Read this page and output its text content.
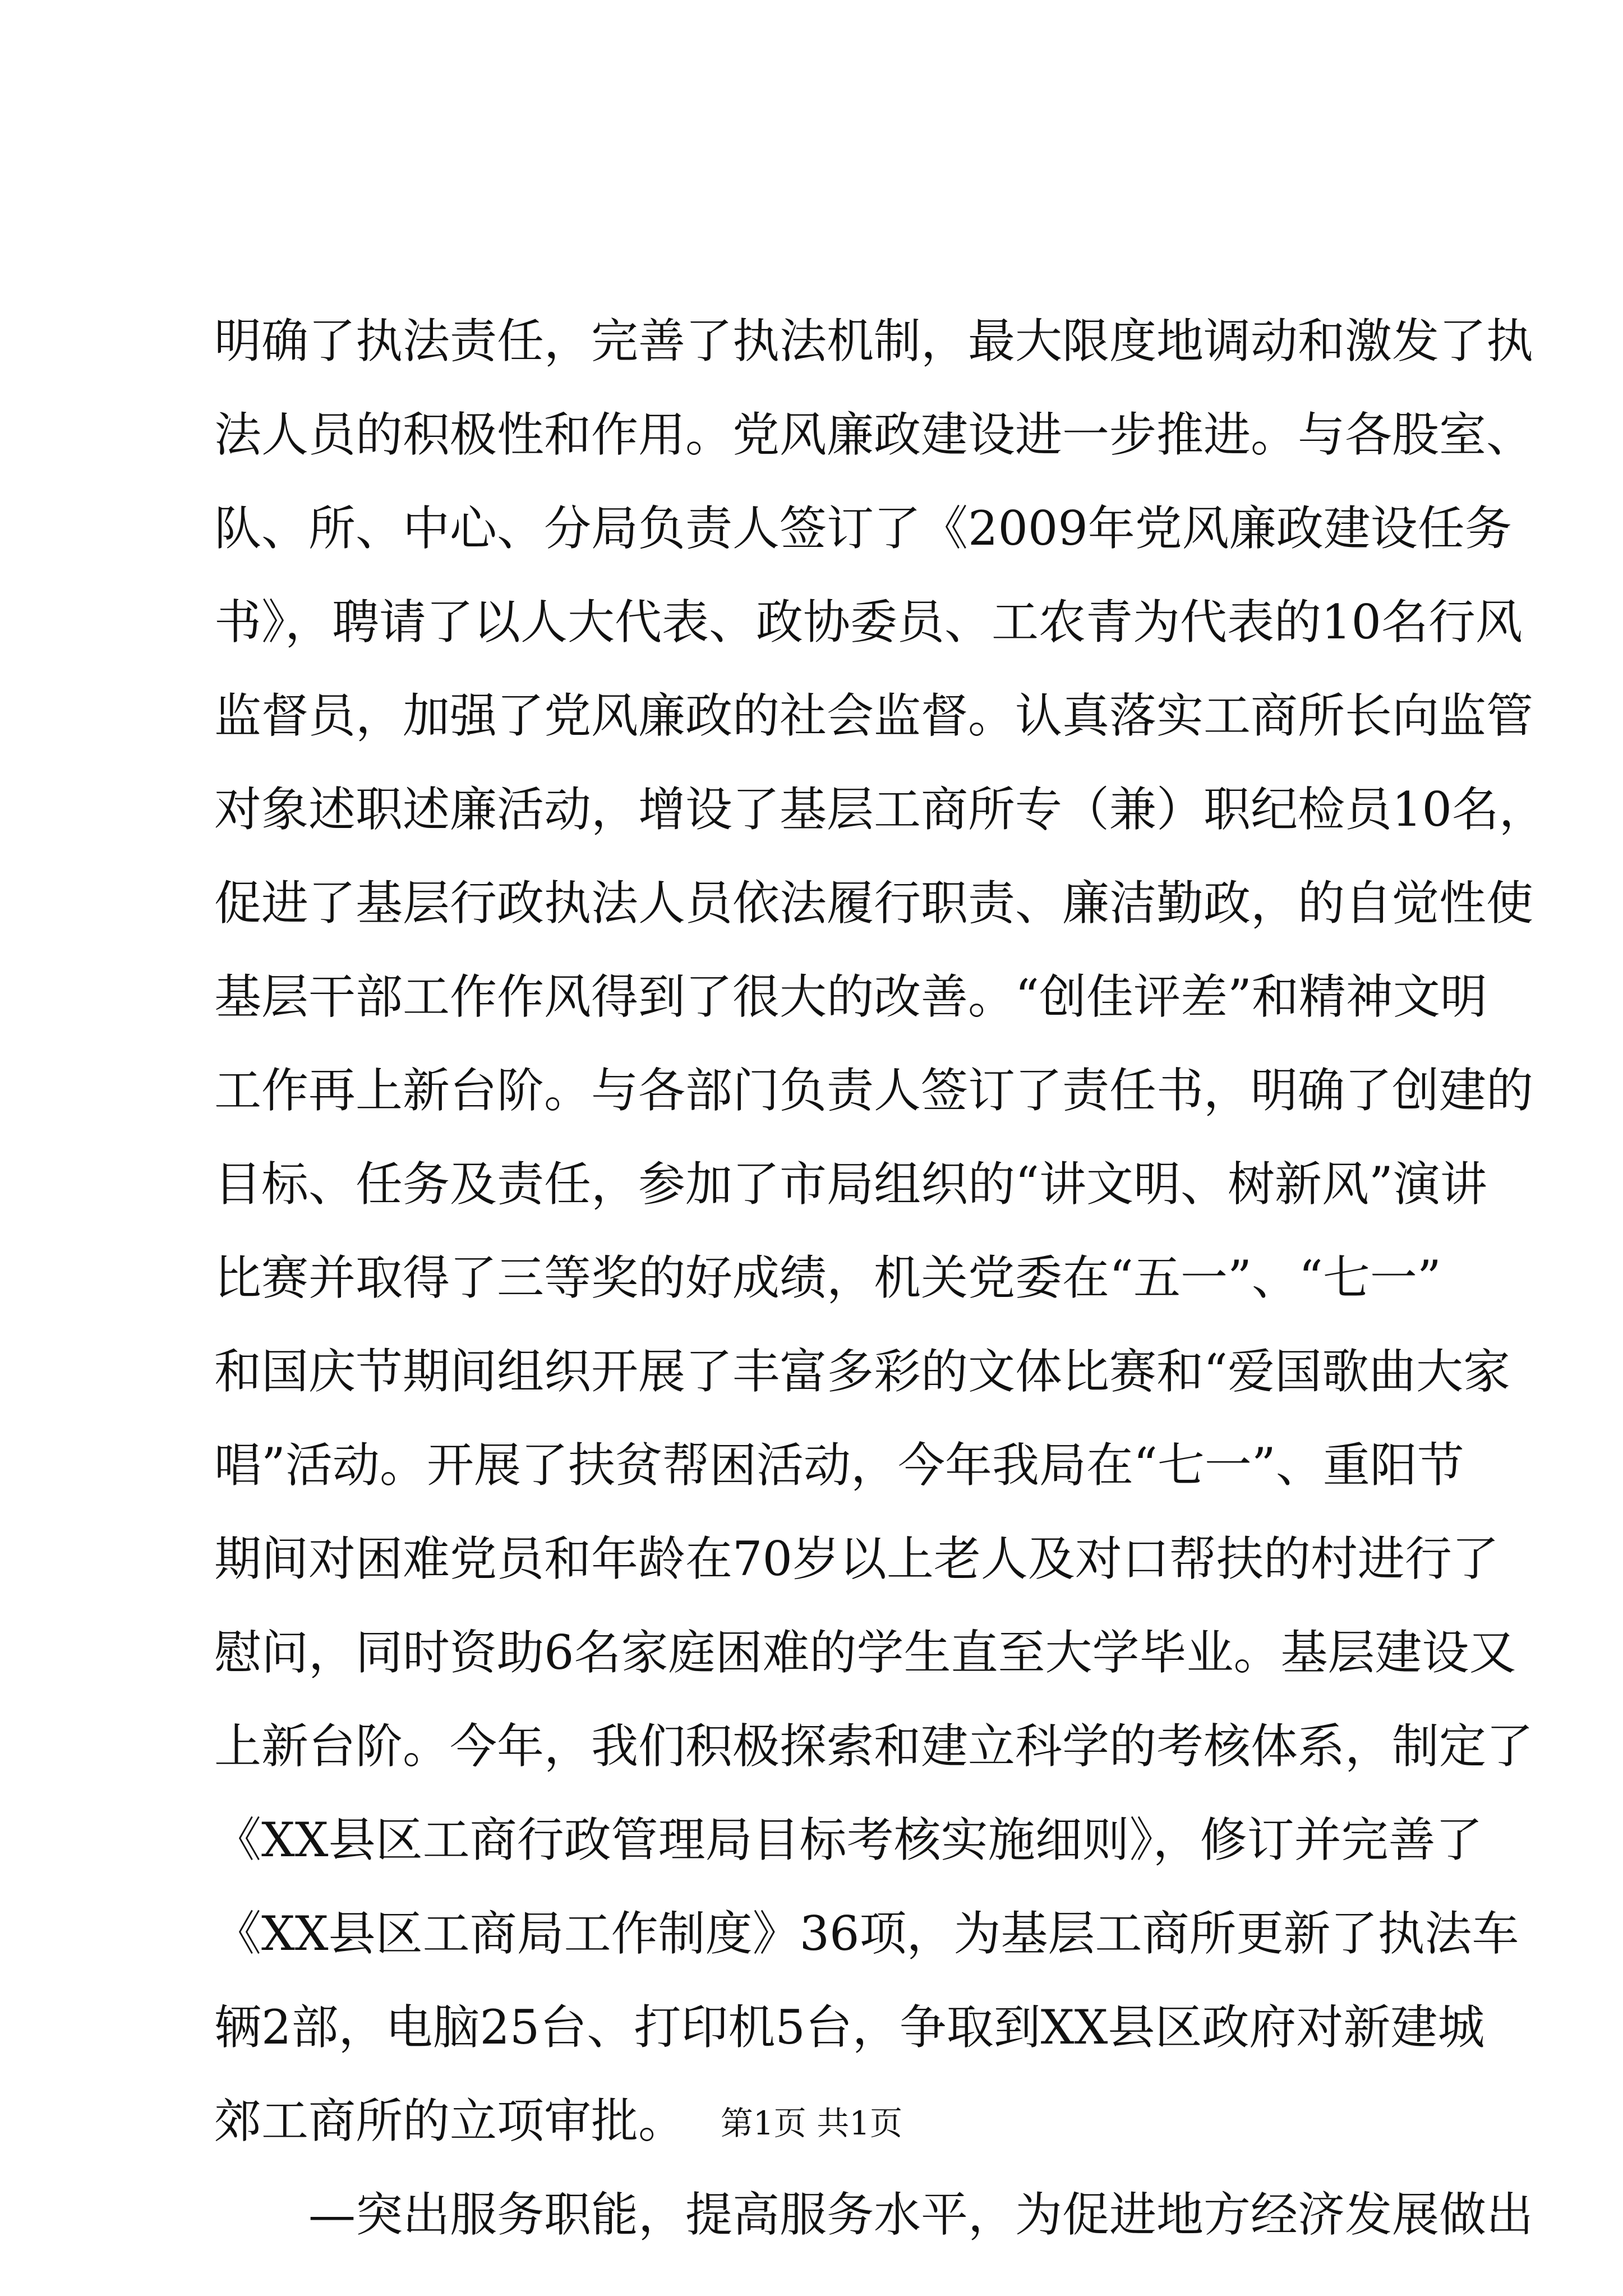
明确了执法责任，完善了执法机制，最大限度地调动和激发了执
法人员的积极性和作用。党风廉政建设进一步推进。与各股室、
队、所、中心、分局负责人签订了《2009年党风廉政建设任务
书》，聘请了以人大代表、政协委员、工农青为代表的10名行风
监督员，加强了党风廉政的社会监督。认真落实工商所长向监管
对象述职述廉活动，增设了基层工商所专（兼）职纪检员10名，
促进了基层行政执法人员依法履行职责、廉洁勤政，的自觉性使
基层干部工作作风得到了很大的改善。“创佳评差”和精神文明
工作再上新台阶。与各部门负责人签订了责任书，明确了创建的
目标、任务及责任，参加了市局组织的“讲文明、树新风”演讲
比赛并取得了三等奖的好成绩，机关党委在“五一”、“七一”
和国庆节期间组织开展了丰富多彩的文体比赛和“爱国歌曲大家
唱”活动。开展了扶贫帮困活动，今年我局在“七一”、重阳节
期间对困难党员和年龄在70岁以上老人及对口帮扶的村进行了
慰问，同时资助6名家庭困难的学生直至大学毕业。基层建设又
上新台阶。今年，我们积极探索和建立科学的考核体系，制定了
《XX县区工商行政管理局目标考核实施细则》，修订并完善了
《XX县区工商局工作制度》36项，为基层工商所更新了执法车
辆2部，电脑25台、打印机5台，争取到XX县区政府对新建城
郊工商所的立项审批。
—突出服务职能，提高服务水平，为促进地方经济发展做出
第1页 共1页
